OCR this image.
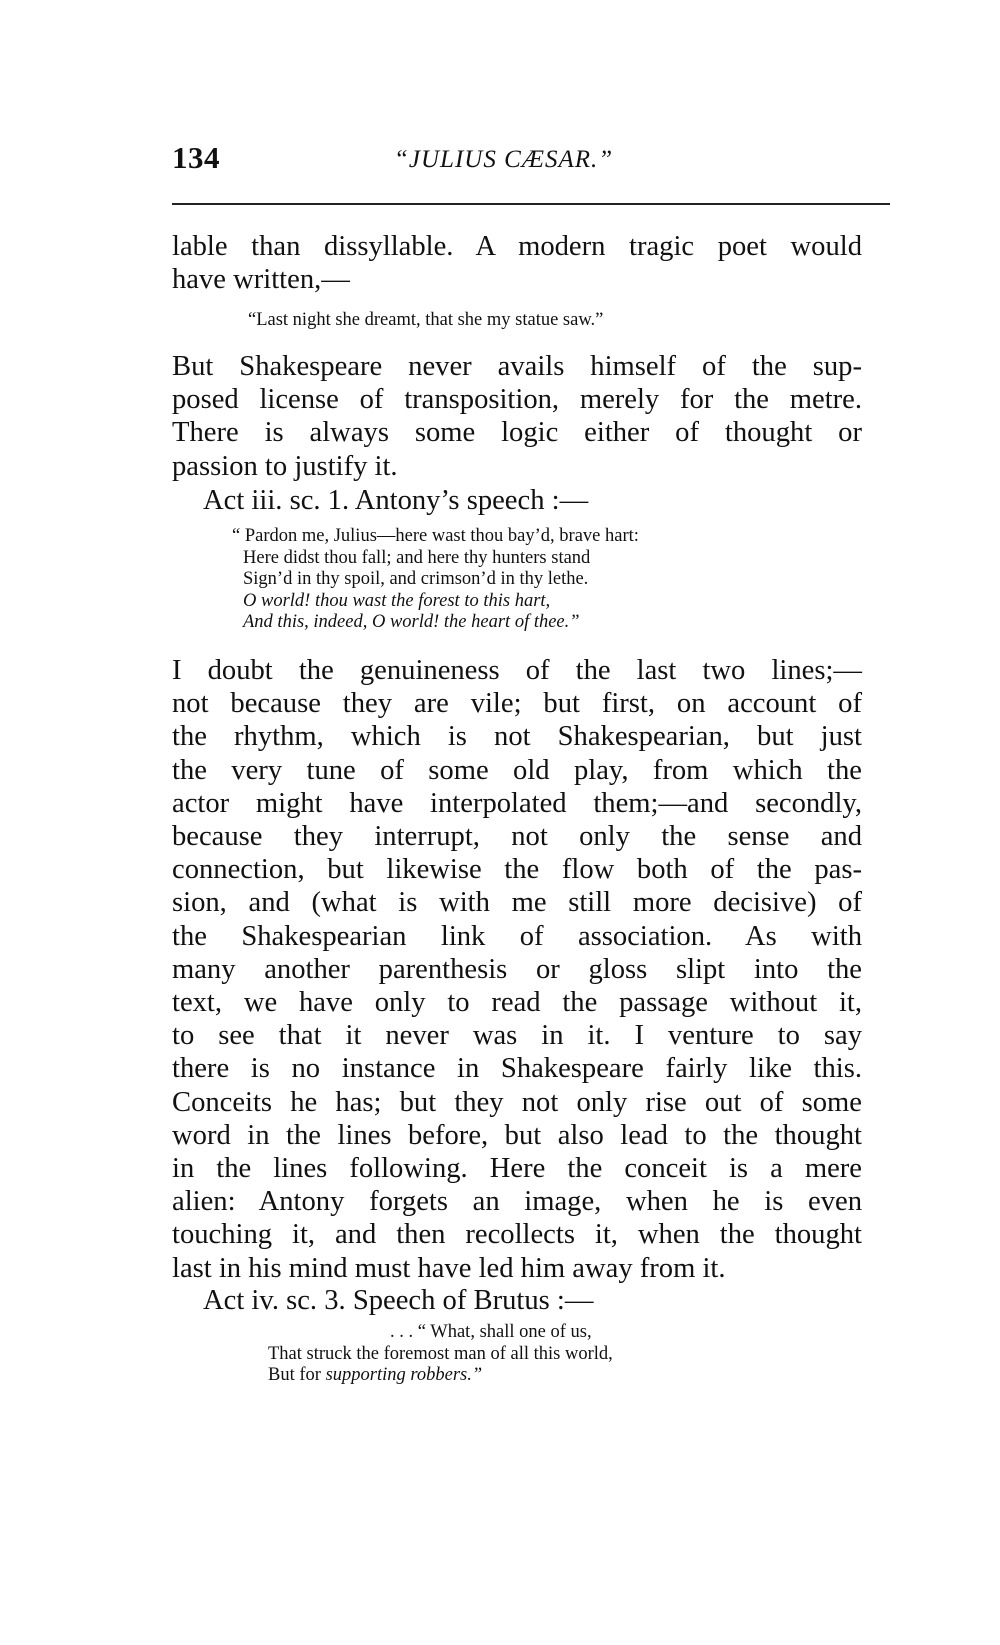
134	“JULIUS CÆSAR.”
lable than dissyllable. A modern tragic poet would
have written,—
“Last night she dreamt, that she my statue saw.”
But Shakespeare never avails himself of the sup-
posed license of transposition, merely for the metre.
There is always some logic either of thought or
passion to justify it.
Act iii. sc. 1. Antony’s speech :—
“ Pardon me, Julius—here wast thou bay’d, brave hart:
Here didst thou fall; and here thy hunters stand
Sign’d in thy spoil, and crimson’d in thy lethe.
O world! thou wast the forest to this hart,
And this, indeed, O world! the heart of thee.”
I doubt the genuineness of the last two lines;—
not because they are vile; but first, on account of
the rhythm, which is not Shakespearian, but just
the very tune of some old play, from which the
actor might have interpolated them;—and secondly,
because they interrupt, not only the sense and
connection, but likewise the flow both of the pas-
sion, and (what is with me still more decisive) of
the Shakespearian link of association. As with
many another parenthesis or gloss slipt into the
text, we have only to read the passage without it,
to see that it never was in it. I venture to say
there is no instance in Shakespeare fairly like this.
Conceits he has; but they not only rise out of some
word in the lines before, but also lead to the thought
in the lines following. Here the conceit is a mere
alien: Antony forgets an image, when he is even
touching it, and then recollects it, when the thought
last in his mind must have led him away from it.
Act iv. sc. 3. Speech of Brutus :—
. . . “ What, shall one of us,
That struck the foremost man of all this world,
But for supporting robbers.”
